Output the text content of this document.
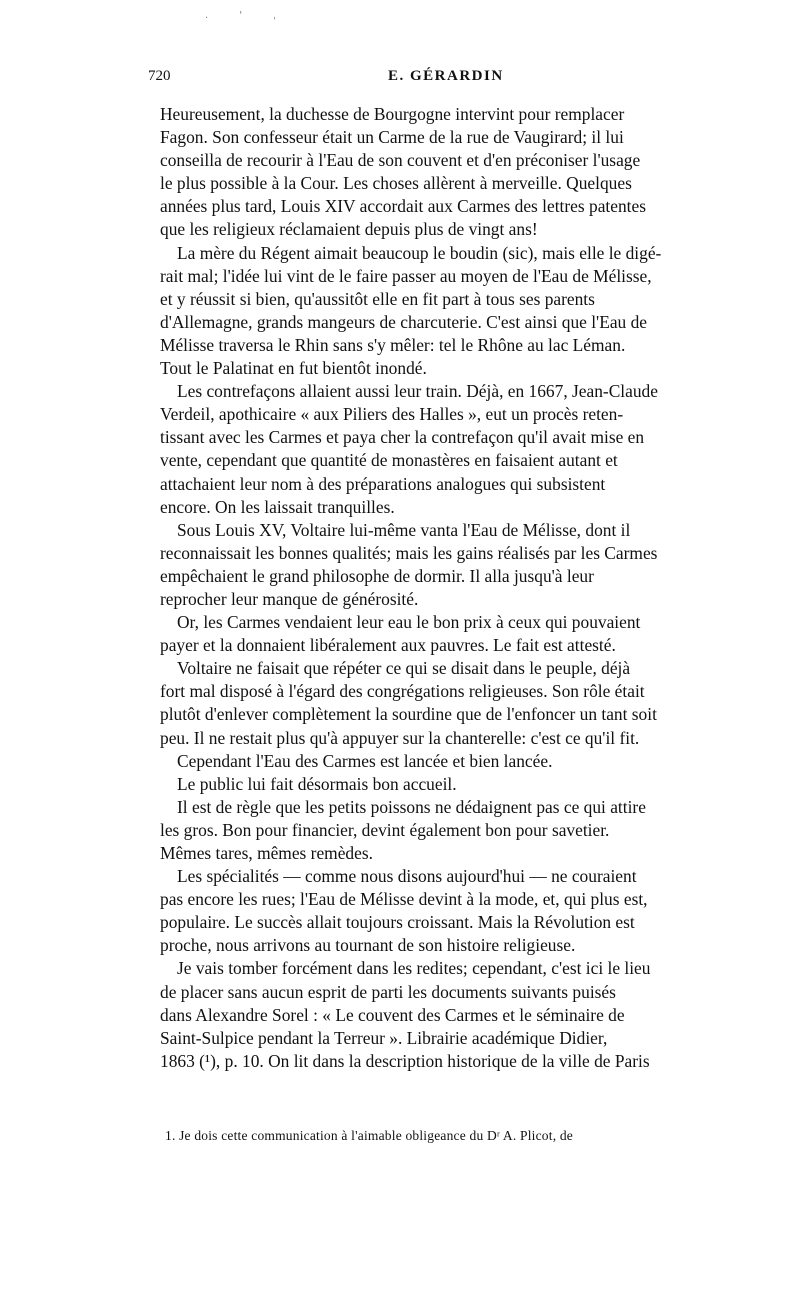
. ' ˌ
720	E. GÉRARDIN
Heureusement, la duchesse de Bourgogne intervint pour remplacer
Fagon. Son confesseur était un Carme de la rue de Vaugirard; il lui
conseilla de recourir à l'Eau de son couvent et d'en préconiser l'usage
le plus possible à la Cour. Les choses allèrent à merveille. Quelques
années plus tard, Louis XIV accordait aux Carmes des lettres patentes
que les religieux réclamaient depuis plus de vingt ans!
La mère du Régent aimait beaucoup le boudin (sic), mais elle le digé-
rait mal; l'idée lui vint de le faire passer au moyen de l'Eau de Mélisse,
et y réussit si bien, qu'aussitôt elle en fit part à tous ses parents
d'Allemagne, grands mangeurs de charcuterie. C'est ainsi que l'Eau de
Mélisse traversa le Rhin sans s'y mêler: tel le Rhône au lac Léman.
Tout le Palatinat en fut bientôt inondé.
Les contrefaçons allaient aussi leur train. Déjà, en 1667, Jean-Claude
Verdeil, apothicaire « aux Piliers des Halles », eut un procès reten-
tissant avec les Carmes et paya cher la contrefaçon qu'il avait mise en
vente, cependant que quantité de monastères en faisaient autant et
attachaient leur nom à des préparations analogues qui subsistent
encore. On les laissait tranquilles.
Sous Louis XV, Voltaire lui-même vanta l'Eau de Mélisse, dont il
reconnaissait les bonnes qualités; mais les gains réalisés par les Carmes
empêchaient le grand philosophe de dormir. Il alla jusqu'à leur
reprocher leur manque de générosité.
Or, les Carmes vendaient leur eau le bon prix à ceux qui pouvaient
payer et la donnaient libéralement aux pauvres. Le fait est attesté.
Voltaire ne faisait que répéter ce qui se disait dans le peuple, déjà
fort mal disposé à l'égard des congrégations religieuses. Son rôle était
plutôt d'enlever complètement la sourdine que de l'enfoncer un tant soit
peu. Il ne restait plus qu'à appuyer sur la chanterelle: c'est ce qu'il fit.
Cependant l'Eau des Carmes est lancée et bien lancée.
Le public lui fait désormais bon accueil.
Il est de règle que les petits poissons ne dédaignent pas ce qui attire
les gros. Bon pour financier, devint également bon pour savetier.
Mêmes tares, mêmes remèdes.
Les spécialités — comme nous disons aujourd'hui — ne couraient
pas encore les rues; l'Eau de Mélisse devint à la mode, et, qui plus est,
populaire. Le succès allait toujours croissant. Mais la Révolution est
proche, nous arrivons au tournant de son histoire religieuse.
Je vais tomber forcément dans les redites; cependant, c'est ici le lieu
de placer sans aucun esprit de parti les documents suivants puisés
dans Alexandre Sorel : « Le couvent des Carmes et le séminaire de
Saint-Sulpice pendant la Terreur ». Librairie académique Didier,
1863 (¹), p. 10. On lit dans la description historique de la ville de Paris
1. Je dois cette communication à l'aimable obligeance du Dʳ A. Plicot, de
